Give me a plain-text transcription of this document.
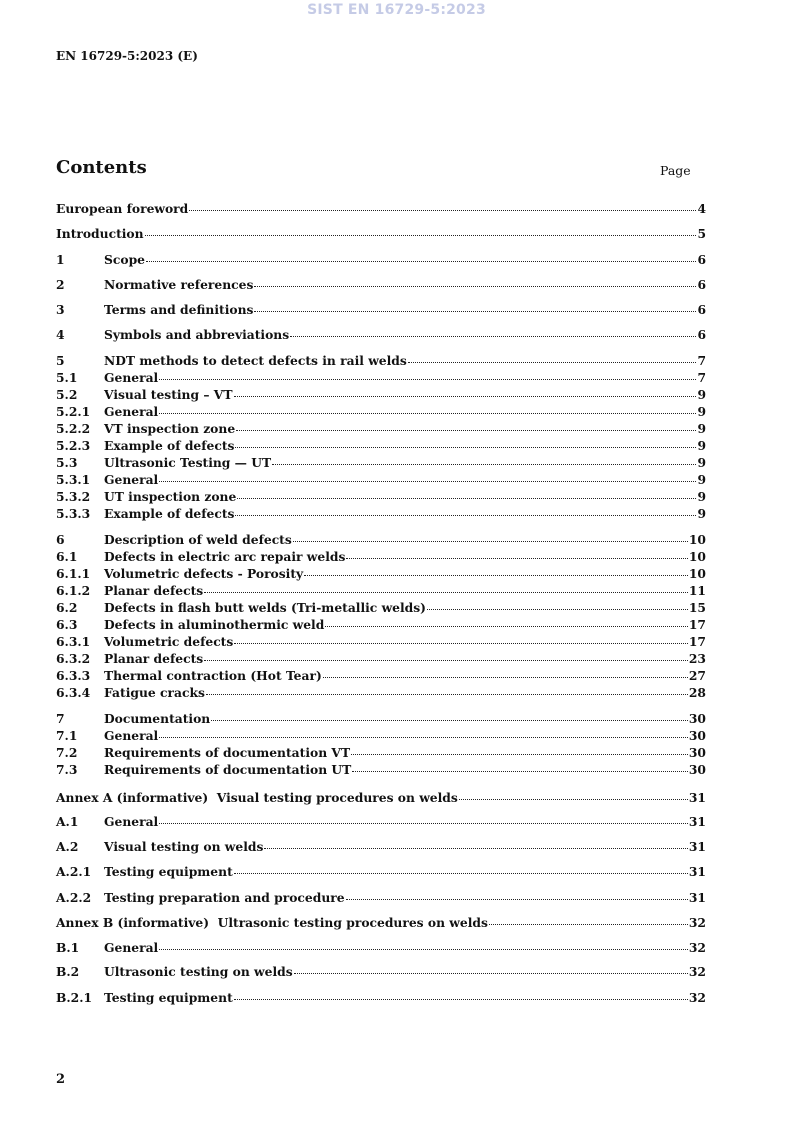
SIST EN 16729-5:2023
EN 16729-5:2023 (E)
Contents	Page
European foreword	4
Introduction	5
1	Scope	6
2	Normative references	6
3	Terms and definitions	6
4	Symbols and abbreviations	6
5	NDT methods to detect defects in rail welds	7
5.1	General	7
5.2	Visual testing – VT	9
5.2.1	General	9
5.2.2	VT inspection zone	9
5.2.3	Example of defects	9
5.3	Ultrasonic Testing — UT	9
5.3.1	General	9
5.3.2	UT inspection zone	9
5.3.3	Example of defects	9
6	Description of weld defects	10
6.1	Defects in electric arc repair welds	10
6.1.1	Volumetric defects - Porosity	10
6.1.2	Planar defects	11
6.2	Defects in flash butt welds (Tri-metallic welds)	15
6.3	Defects in aluminothermic weld	17
6.3.1	Volumetric defects	17
6.3.2	Planar defects	23
6.3.3	Thermal contraction (Hot Tear)	27
6.3.4	Fatigue cracks	28
7	Documentation	30
7.1	General	30
7.2	Requirements of documentation VT	30
7.3	Requirements of documentation UT	30
Annex A (informative)  Visual testing procedures on welds	31
A.1	General	31
A.2	Visual testing on welds	31
A.2.1	Testing equipment	31
A.2.2	Testing preparation and procedure	31
Annex B (informative)  Ultrasonic testing procedures on welds	32
B.1	General	32
B.2	Ultrasonic testing on welds	32
B.2.1 Testing equipment	32
2
